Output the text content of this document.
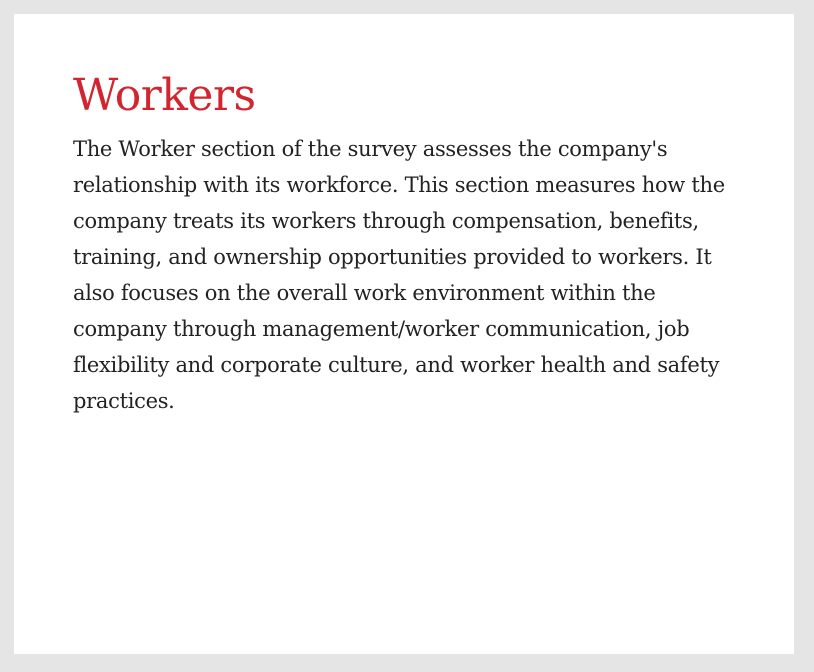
Workers

The Worker section of the survey assesses the company's relationship with its workforce. This section measures how the company treats its workers through compensation, benefits, training, and ownership opportunities provided to workers. It also focuses on the overall work environment within the company through management/worker communication, job flexibility and corporate culture, and worker health and safety practices.
